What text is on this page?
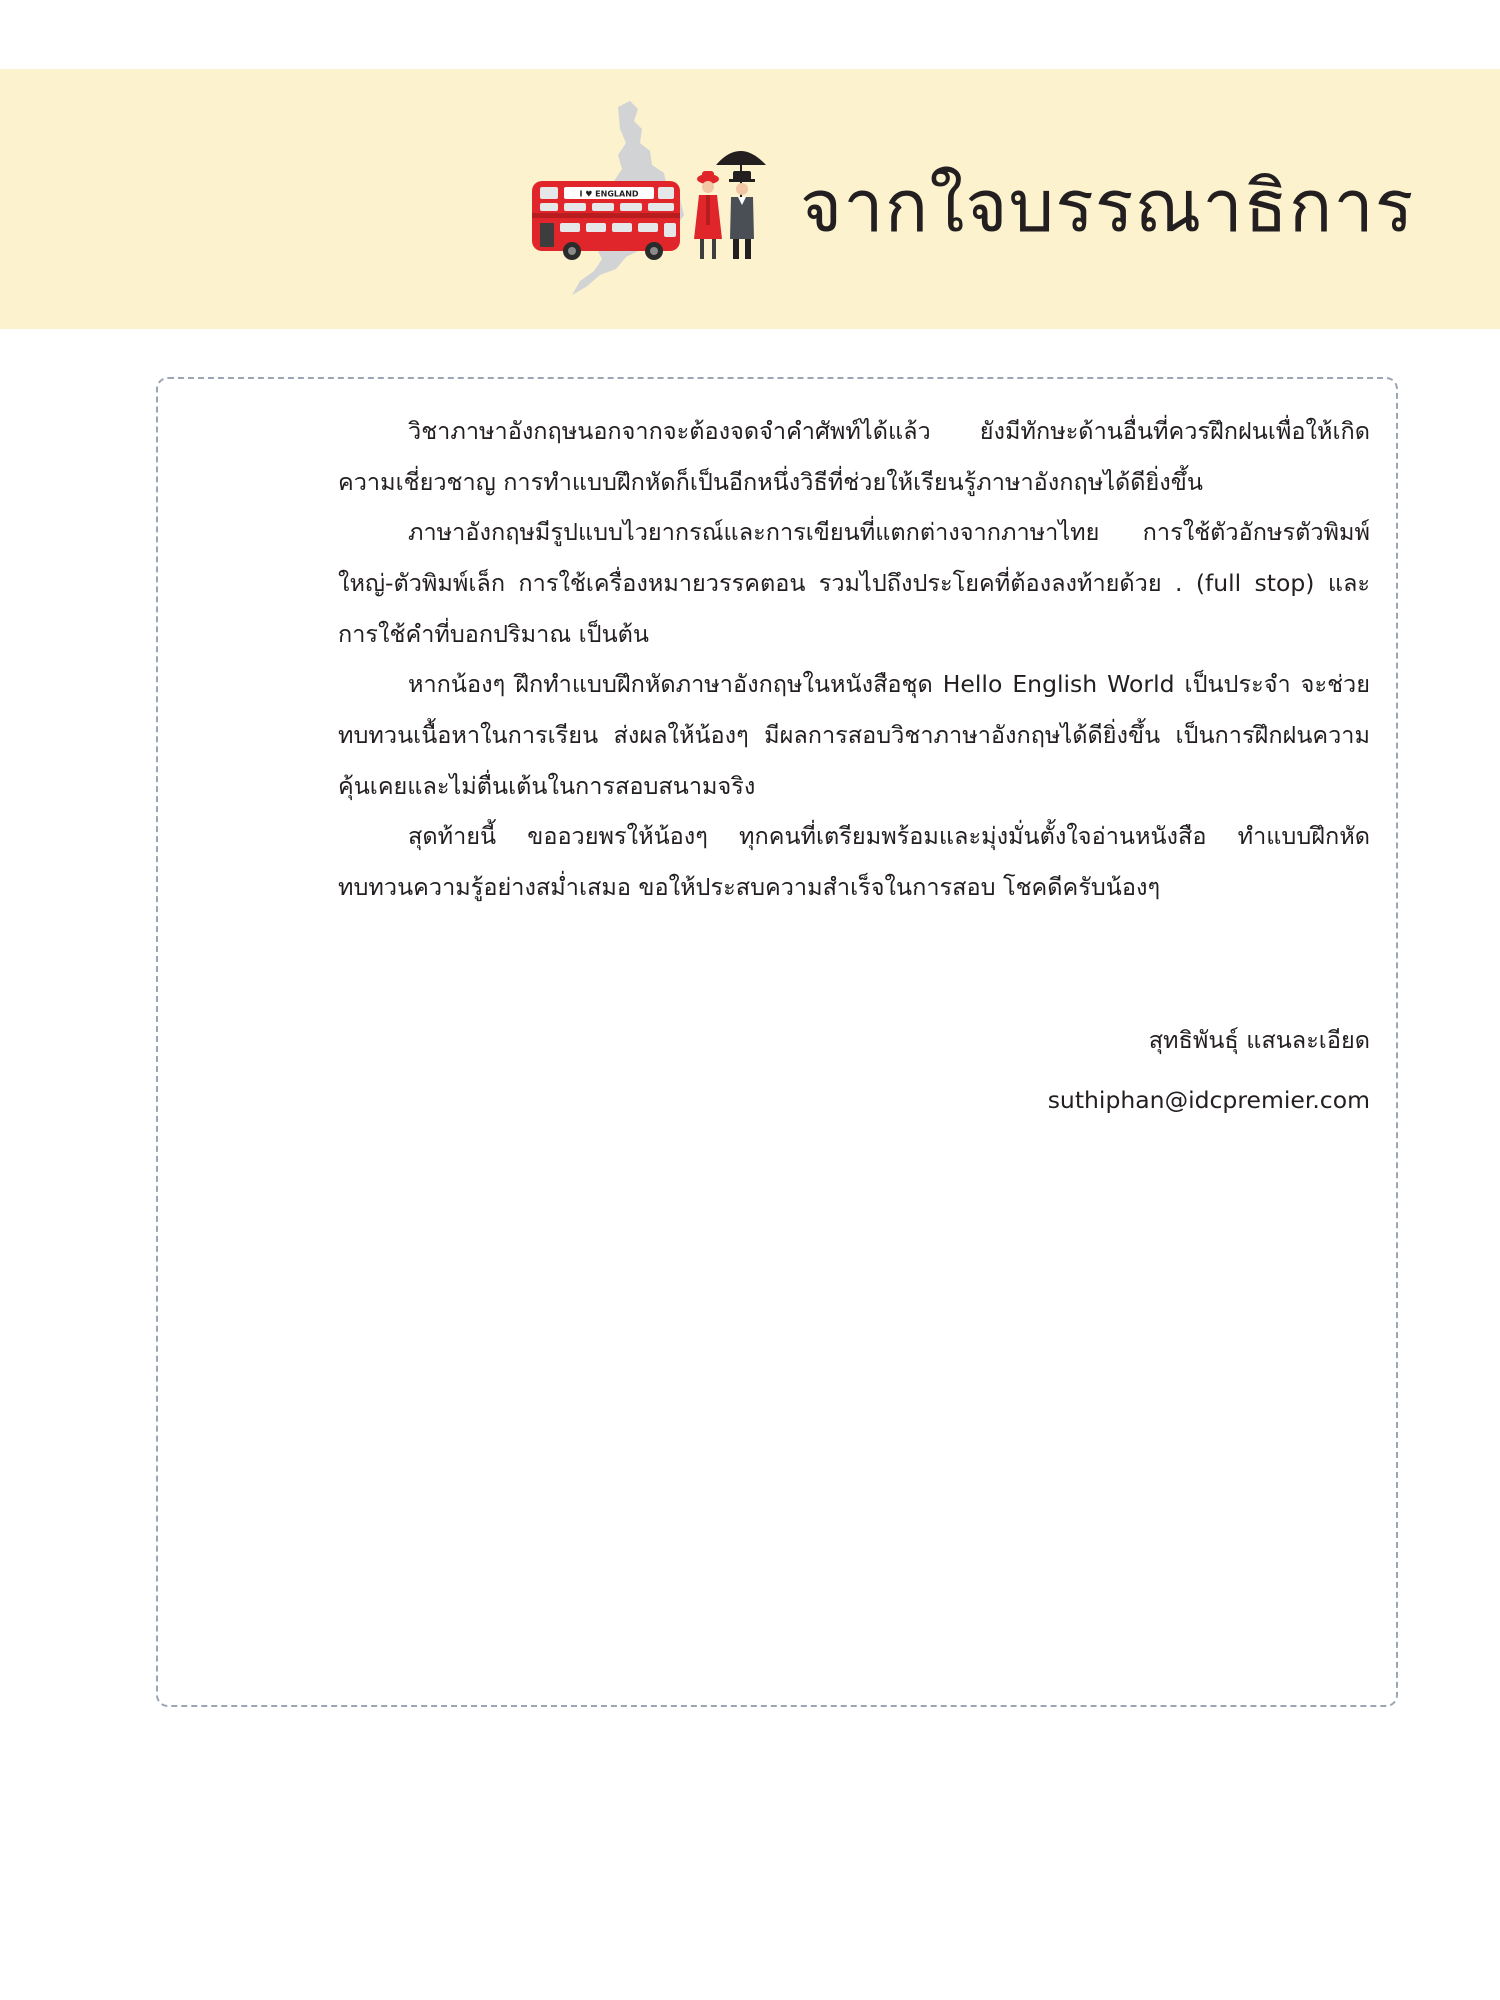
I ♥ ENGLAND จากใจบรรณาธิการ

วิชาภาษาอังกฤษนอกจากจะต้องจดจำคำศัพท์ได้แล้ว ยังมีทักษะด้านอื่นที่ควรฝึกฝนเพื่อให้เกิดความเชี่ยวชาญ การทำแบบฝึกหัดก็เป็นอีกหนึ่งวิธีที่ช่วยให้เรียนรู้ภาษาอังกฤษได้ดียิ่งขึ้น

ภาษาอังกฤษมีรูปแบบไวยากรณ์และการเขียนที่แตกต่างจากภาษาไทย การใช้ตัวอักษรตัวพิมพ์ใหญ่-ตัวพิมพ์เล็ก การใช้เครื่องหมายวรรคตอน รวมไปถึงประโยคที่ต้องลงท้ายด้วย . (full stop) และการใช้คำที่บอกปริมาณ เป็นต้น

หากน้องๆ ฝึกทำแบบฝึกหัดภาษาอังกฤษในหนังสือชุด Hello English World เป็นประจำ จะช่วยทบทวนเนื้อหาในการเรียน ส่งผลให้น้องๆ มีผลการสอบวิชาภาษาอังกฤษได้ดียิ่งขึ้น เป็นการฝึกฝนความคุ้นเคยและไม่ตื่นเต้นในการสอบสนามจริง

สุดท้ายนี้ ขออวยพรให้น้องๆ ทุกคนที่เตรียมพร้อมและมุ่งมั่นตั้งใจอ่านหนังสือ ทำแบบฝึกหัดทบทวนความรู้อย่างสม่ำเสมอ ขอให้ประสบความสำเร็จในการสอบ โชคดีครับน้องๆ

สุทธิพันธุ์ แสนละเอียด
suthiphan@idcpremier.com
